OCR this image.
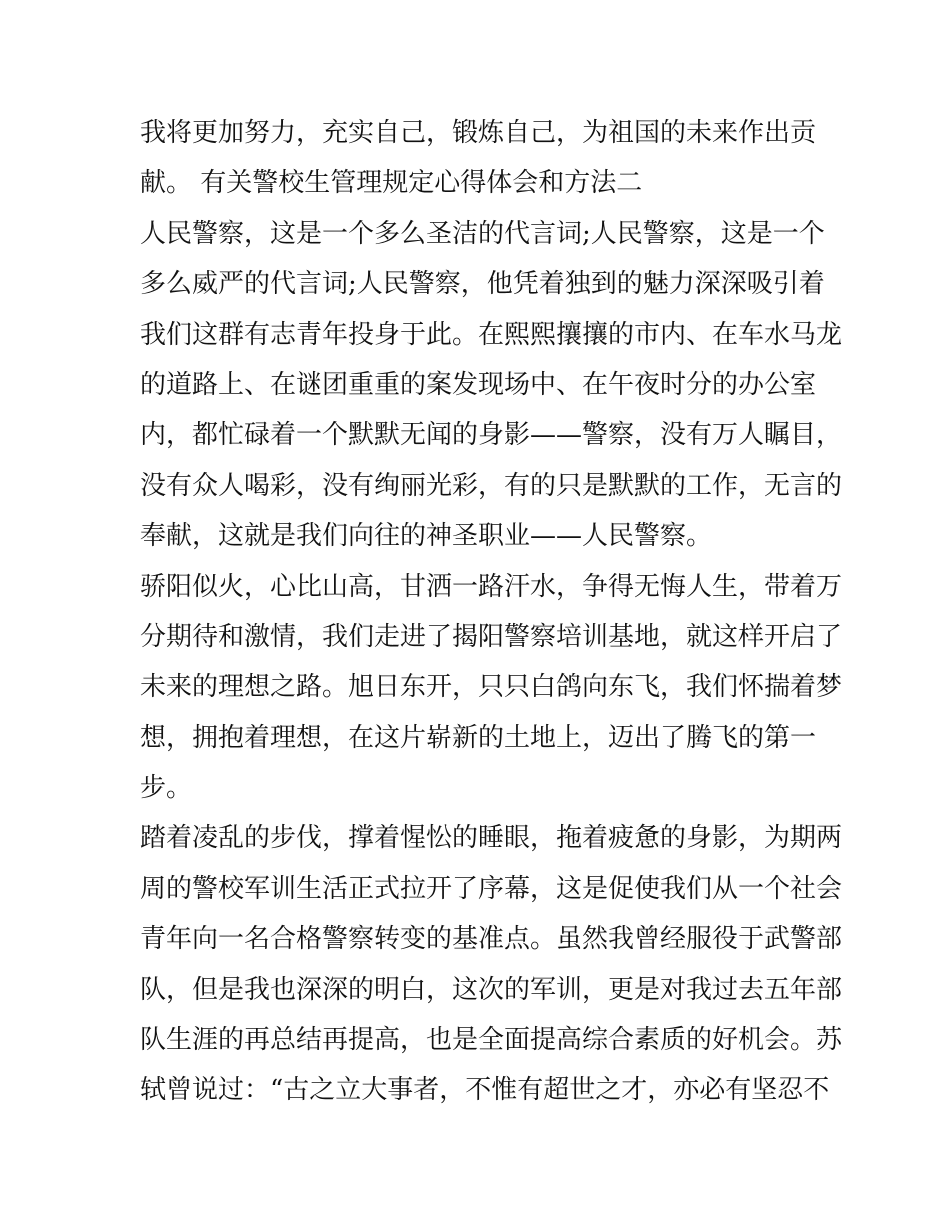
我将更加努力，充实自己，锻炼自己，为祖国的未来作出贡
献。 有关警校生管理规定心得体会和方法二
人民警察，这是一个多么圣洁的代言词;人民警察，这是一个
多么威严的代言词;人民警察，他凭着独到的魅力深深吸引着
我们这群有志青年投身于此。在熙熙攘攘的市内、在车水马龙
的道路上、在谜团重重的案发现场中、在午夜时分的办公室
内，都忙碌着一个默默无闻的身影——警察，没有万人瞩目，
没有众人喝彩，没有绚丽光彩，有的只是默默的工作，无言的
奉献，这就是我们向往的神圣职业——人民警察。
骄阳似火，心比山高，甘洒一路汗水，争得无悔人生，带着万
分期待和激情，我们走进了揭阳警察培训基地，就这样开启了
未来的理想之路。旭日东开，只只白鸽向东飞，我们怀揣着梦
想，拥抱着理想，在这片崭新的土地上，迈出了腾飞的第一
步。
踏着凌乱的步伐，撑着惺忪的睡眼，拖着疲惫的身影，为期两
周的警校军训生活正式拉开了序幕，这是促使我们从一个社会
青年向一名合格警察转变的基准点。虽然我曾经服役于武警部
队，但是我也深深的明白，这次的军训，更是对我过去五年部
队生涯的再总结再提高，也是全面提高综合素质的好机会。苏
轼曾说过：“古之立大事者，不惟有超世之才，亦必有坚忍不
